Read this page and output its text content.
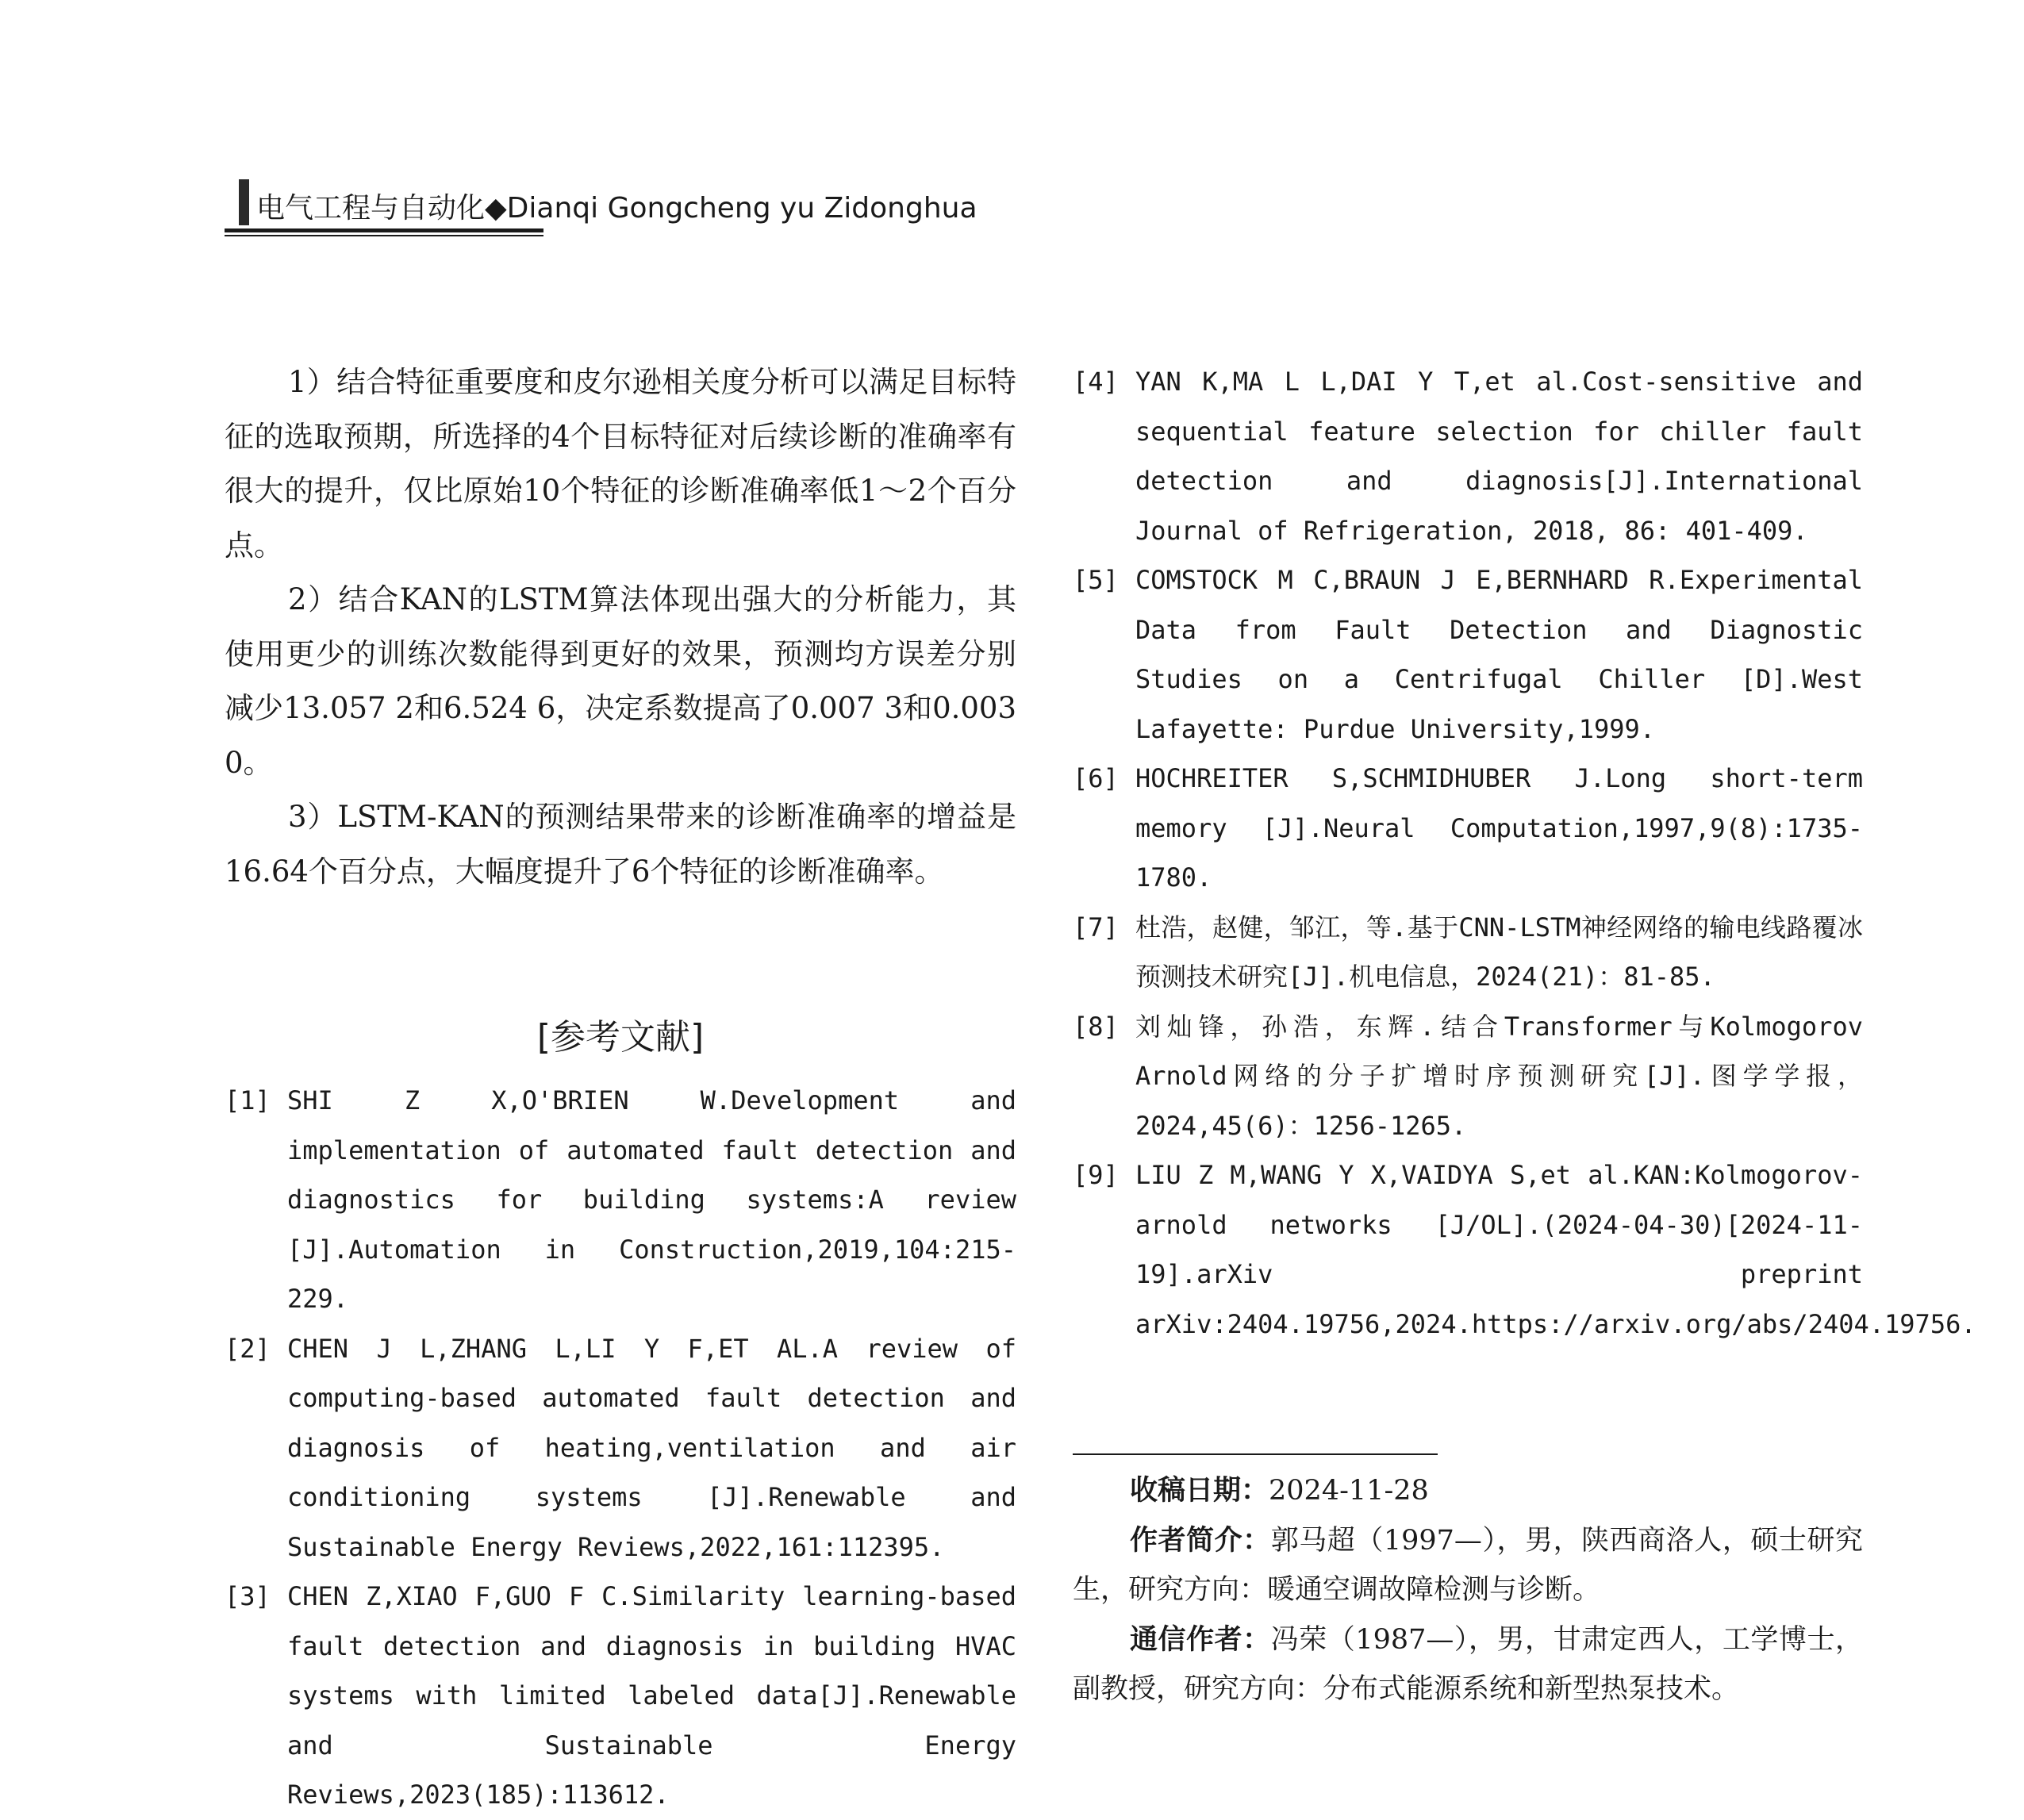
电气工程与自动化◆Dianqi Gongcheng yu Zidonghua

1）结合特征重要度和皮尔逊相关度分析可以满足目标特征的选取预期，所选择的4个目标特征对后续诊断的准确率有很大的提升，仅比原始10个特征的诊断准确率低1～2个百分点。

2）结合KAN的LSTM算法体现出强大的分析能力，其使用更少的训练次数能得到更好的效果，预测均方误差分别减少13.057 2和6.524 6，决定系数提高了0.007 3和0.003 0。

3）LSTM-KAN的预测结果带来的诊断准确率的增益是16.64个百分点，大幅度提升了6个特征的诊断准确率。

[参考文献]
[1] SHI Z X,O'BRIEN W.Development and implementation of automated fault detection and diagnostics for building systems:A review [J].Automation in Construction,2019,104:215-229.
[2] CHEN J L,ZHANG L,LI Y F,ET AL.A review of computing-based automated fault detection and diagnosis of heating,ventilation and air conditioning systems [J].Renewable and Sustainable Energy Reviews,2022,161:112395.
[3] CHEN Z,XIAO F,GUO F C.Similarity learning-based fault detection and diagnosis in building HVAC systems with limited labeled data[J].Renewable and Sustainable Energy Reviews,2023(185):113612.
[4] YAN K,MA L L,DAI Y T,et al.Cost-sensitive and sequential feature selection for chiller fault detection and diagnosis[J].International Journal of Refrigeration, 2018, 86: 401-409.
[5] COMSTOCK M C,BRAUN J E,BERNHARD R.Experimental Data from Fault Detection and Diagnostic Studies on a Centrifugal Chiller [D].West Lafayette: Purdue University,1999.
[6] HOCHREITER S,SCHMIDHUBER J.Long short-term memory [J].Neural Computation,1997,9(8):1735-1780.
[7] 杜浩，赵健，邹江，等.基于CNN-LSTM神经网络的输电线路覆冰预测技术研究[J].机电信息，2024(21)：81-85.
[8] 刘灿锋，孙浩，东辉.结合Transformer与Kolmogorov Arnold网络的分子扩增时序预测研究[J].图学学报，2024,45(6)：1256-1265.
[9] LIU Z M,WANG Y X,VAIDYA S,et al.KAN:Kolmogorov-arnold networks [J/OL].(2024-04-30)[2024-11-19].arXiv preprint arXiv:2404.19756,2024.https://arxiv.org/abs/2404.19756.

收稿日期：2024-11-28

作者简介：郭马超（1997—），男，陕西商洛人，硕士研究生，研究方向：暖通空调故障检测与诊断。

通信作者：冯荣（1987—），男，甘肃定西人，工学博士，副教授，研究方向：分布式能源系统和新型热泵技术。
